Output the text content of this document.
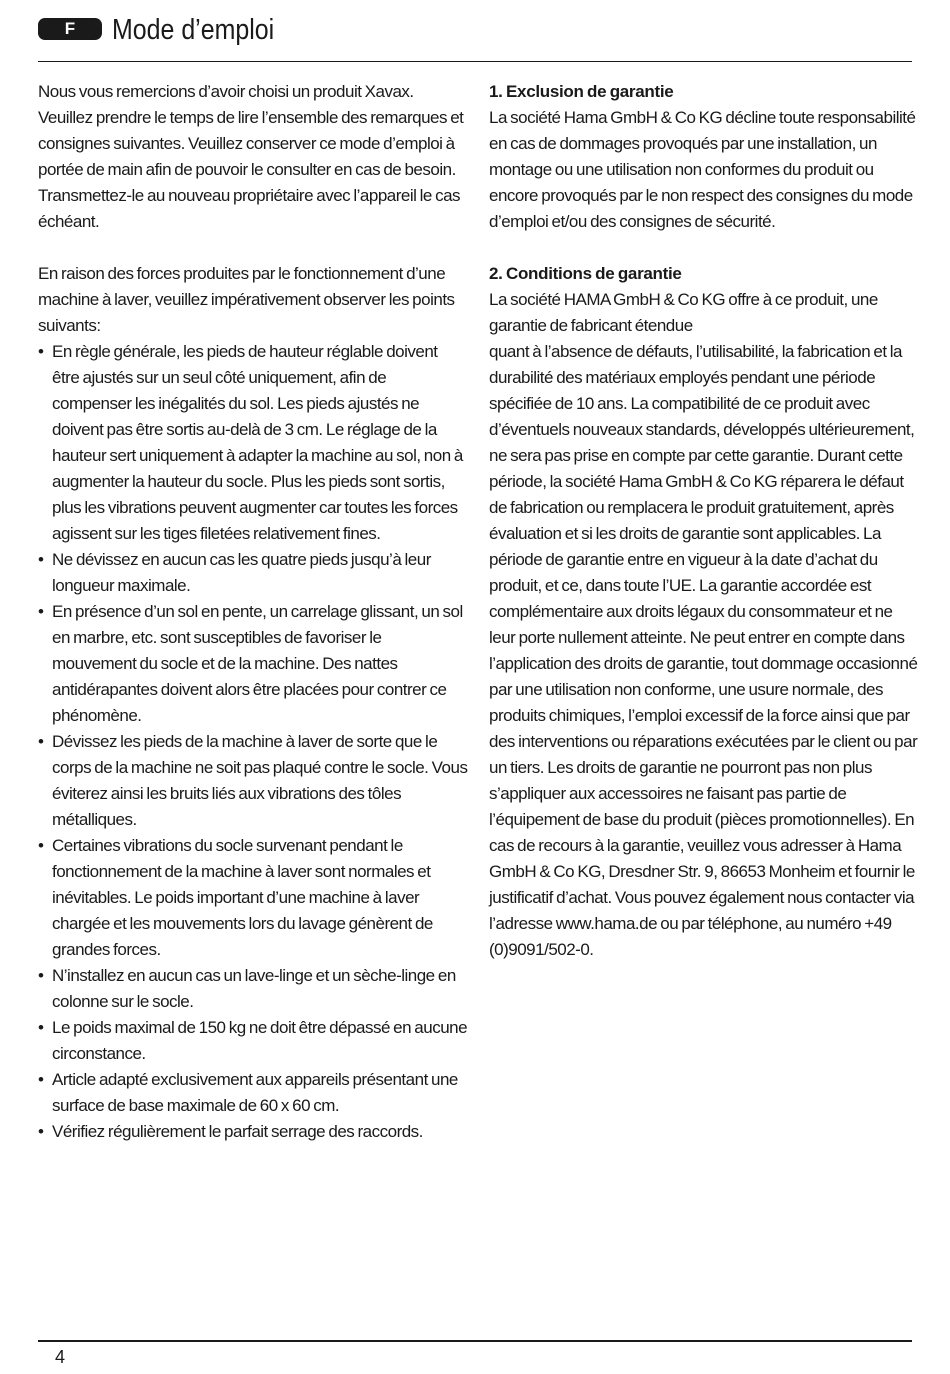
F	Mode d’emploi

Nous vous remercions d’avoir choisi un produit Xavax. Veuillez prendre le temps de lire l’ensemble des remarques et consignes suivantes. Veuillez conserver ce mode d’emploi à portée de main afin de pouvoir le consulter en cas de besoin. Transmettez-le au nouveau propriétaire avec l’appareil le cas échéant.

En raison des forces produites par le fonctionnement d’une machine à laver, veuillez impérativement observer les points suivants:

• En règle générale, les pieds de hauteur réglable doivent être ajustés sur un seul côté uniquement, afin de compenser les inégalités du sol. Les pieds ajustés ne doivent pas être sortis au-delà de 3 cm. Le réglage de la hauteur sert uniquement à adapter la machine au sol, non à augmenter la hauteur du socle. Plus les pieds sont sortis, plus les vibrations peuvent augmenter car toutes les forces agissent sur les tiges filetées relativement fines.
• Ne dévissez en aucun cas les quatre pieds jusqu’à leur longueur maximale.
• En présence d’un sol en pente, un carrelage glissant, un sol en marbre, etc. sont susceptibles de favoriser le mouvement du socle et de la machine. Des nattes antidérapantes doivent alors être placées pour contrer ce phénomène.
• Dévissez les pieds de la machine à laver de sorte que le corps de la machine ne soit pas plaqué contre le socle. Vous éviterez ainsi les bruits liés aux vibrations des tôles métalliques.
• Certaines vibrations du socle survenant pendant le fonctionnement de la machine à laver sont normales et inévitables. Le poids important d’une machine à laver chargée et les mouvements lors du lavage génèrent de grandes forces.
• N’installez en aucun cas un lave-linge et un sèche-linge en colonne sur le socle.
• Le poids maximal de 150 kg ne doit être dépassé en aucune circonstance.
• Article adapté exclusivement aux appareils présentant une surface de base maximale de 60 x 60 cm.
• Vérifiez régulièrement le parfait serrage des raccords.
1. Exclusion de garantie

La société Hama GmbH & Co KG décline toute responsabilité en cas de dommages provoqués par une installation, un montage ou une utilisation non conformes du produit ou encore provoqués par le non respect des consignes du mode d’emploi et/ou des consignes de sécurité.

2. Conditions de garantie

La société HAMA GmbH & Co KG offre à ce produit, une garantie de fabricant étendue

quant à l’absence de défauts, l’utilisabilité, la fabrication et la durabilité des matériaux employés pendant une période spécifiée de 10 ans. La compatibilité de ce produit avec d’éventuels nouveaux standards, développés ultérieurement, ne sera pas prise en compte par cette garantie. Durant cette période, la société Hama GmbH & Co KG réparera le défaut de fabrication ou remplacera le produit gratuitement, après évaluation et si les droits de garantie sont applicables. La période de garantie entre en vigueur à la date d’achat du produit, et ce, dans toute l’UE. La garantie accordée est complémentaire aux droits légaux du consommateur et ne leur porte nullement atteinte. Ne peut entrer en compte dans l’application des droits de garantie, tout dommage occasionné par une utilisation non conforme, une usure normale, des produits chimiques, l’emploi excessif de la force ainsi que par des interventions ou réparations exécutées par le client ou par un tiers. Les droits de garantie ne pourront pas non plus s’appliquer aux accessoires ne faisant pas partie de l’équipement de base du produit (pièces promotionnelles). En cas de recours à la garantie, veuillez vous adresser à Hama GmbH & Co KG, Dresdner Str. 9, 86653 Monheim et fournir le justificatif d’achat. Vous pouvez également nous contacter via l’adresse www.hama.de ou par téléphone, au numéro +49 (0)9091/502-0.

4
